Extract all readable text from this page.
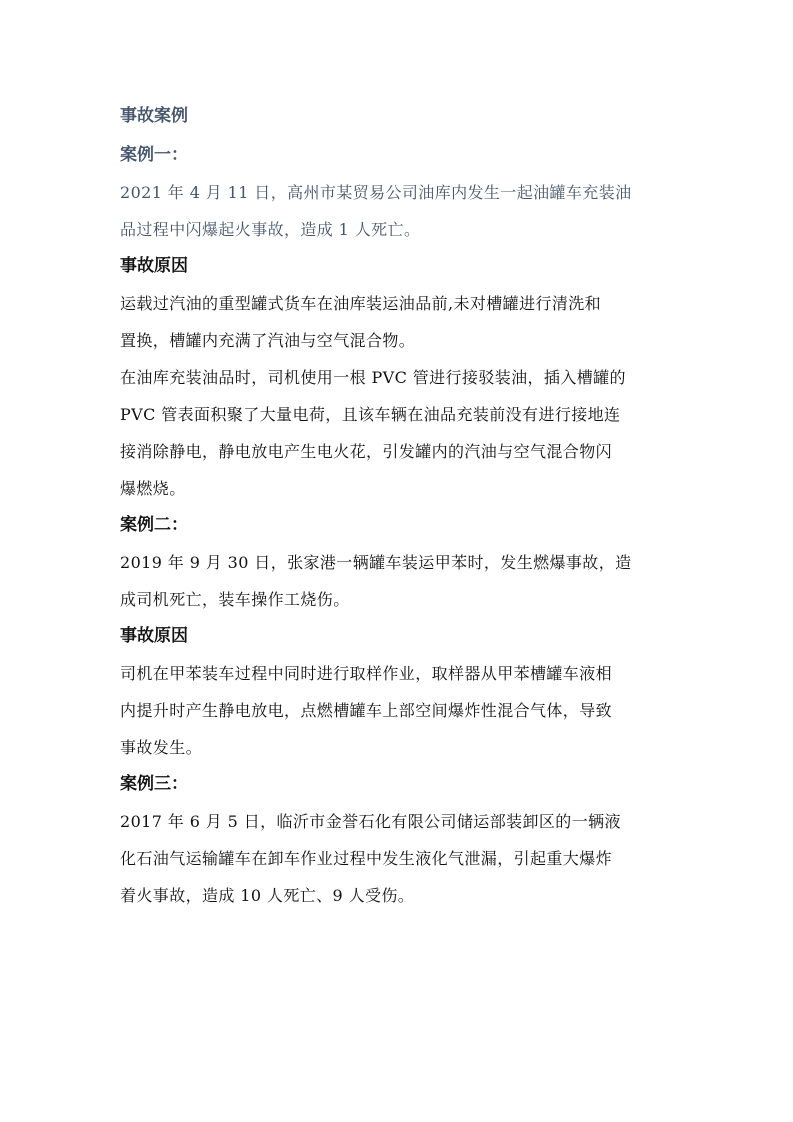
事故案例
案例一：
2021 年 4 月 11 日，高州市某贸易公司油库内发生一起油罐车充装油
品过程中闪爆起火事故，造成 1 人死亡。
事故原因
运载过汽油的重型罐式货车在油库装运油品前,未对槽罐进行清洗和
置换，槽罐内充满了汽油与空气混合物。
在油库充装油品时，司机使用一根 PVC 管进行接驳装油，插入槽罐的
PVC 管表面积聚了大量电荷，且该车辆在油品充装前没有进行接地连
接消除静电，静电放电产生电火花，引发罐内的汽油与空气混合物闪
爆燃烧。
案例二：
2019 年 9 月 30 日，张家港一辆罐车装运甲苯时，发生燃爆事故，造
成司机死亡，装车操作工烧伤。
事故原因
司机在甲苯装车过程中同时进行取样作业，取样器从甲苯槽罐车液相
内提升时产生静电放电，点燃槽罐车上部空间爆炸性混合气体，导致
事故发生。
案例三：
2017 年 6 月 5 日，临沂市金誉石化有限公司储运部装卸区的一辆液
化石油气运输罐车在卸车作业过程中发生液化气泄漏，引起重大爆炸
着火事故，造成 10 人死亡、9 人受伤。
